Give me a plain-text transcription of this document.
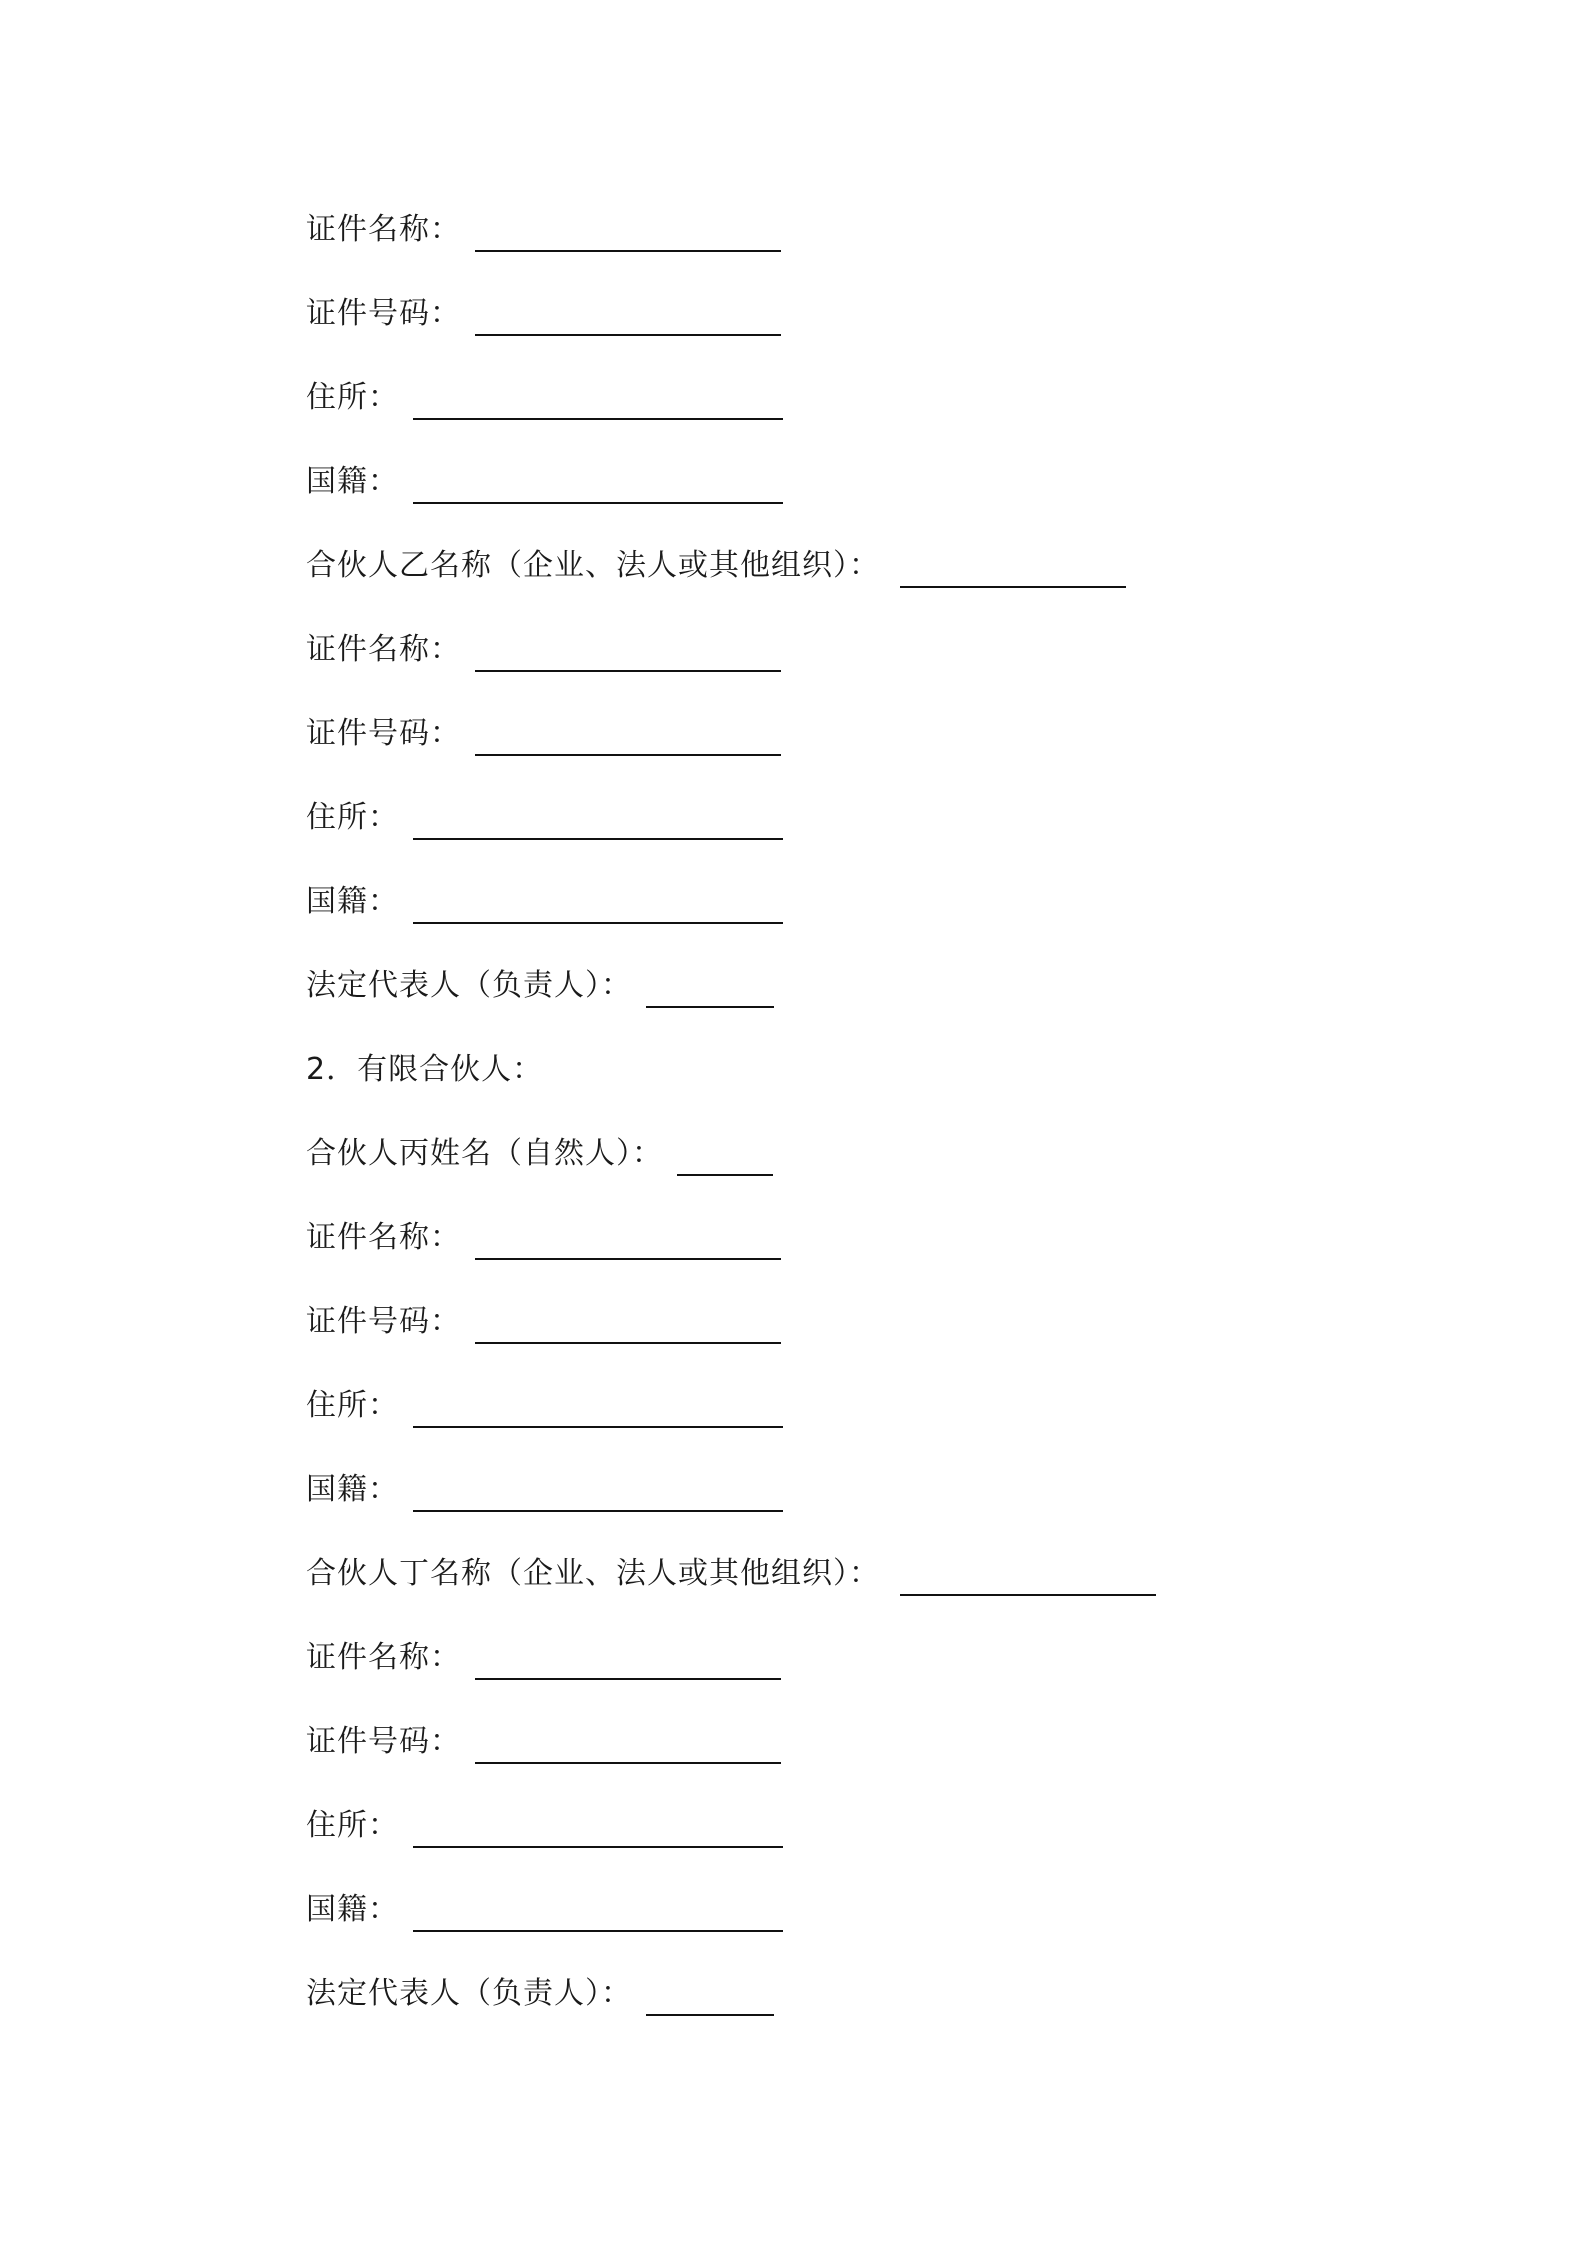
证件名称：
证件号码：
住所：
国籍：
合伙人乙名称（企业、法人或其他组织）：
证件名称：
证件号码：
住所：
国籍：
法定代表人（负责人）：
2．有限合伙人：
合伙人丙姓名（自然人）：
证件名称：
证件号码：
住所：
国籍：
合伙人丁名称（企业、法人或其他组织）：
证件名称：
证件号码：
住所：
国籍：
法定代表人（负责人）：
